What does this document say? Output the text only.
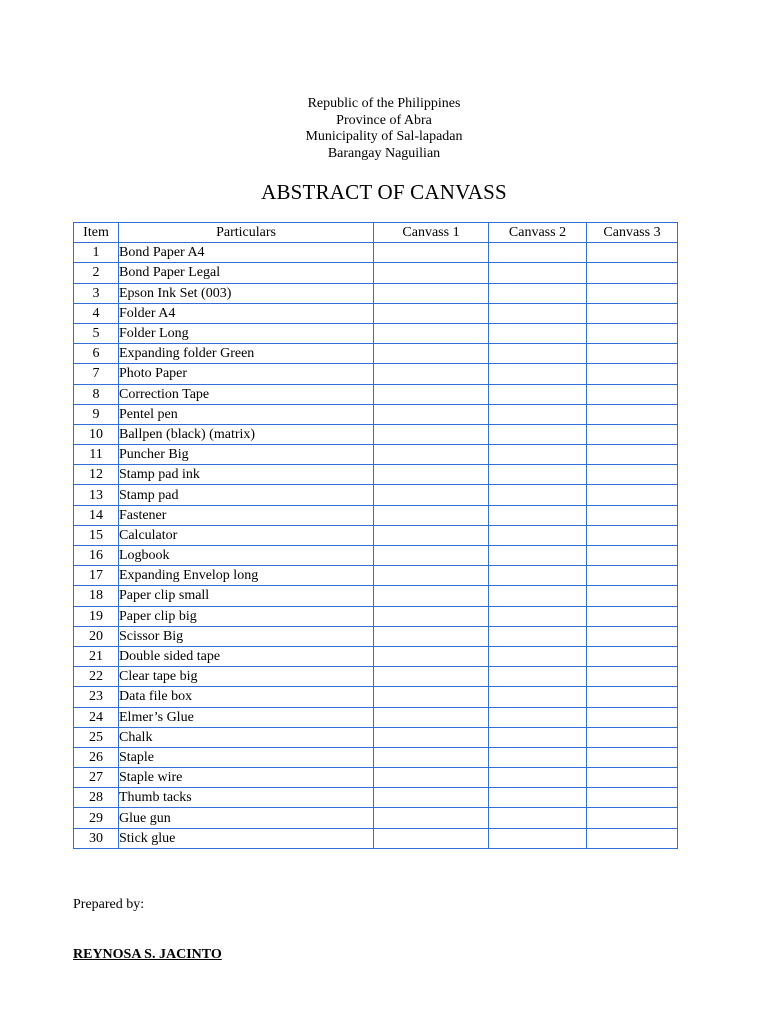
Republic of the Philippines
Province of Abra
Municipality of Sal-lapadan
Barangay Naguilian
ABSTRACT OF CANVASS
Item	Particulars	Canvass 1	Canvass 2	Canvass 3
1	Bond Paper A4			
2	Bond Paper Legal			
3	Epson Ink Set (003)			
4	Folder A4			
5	Folder Long			
6	Expanding folder Green			
7	Photo Paper			
8	Correction Tape			
9	Pentel pen			
10	Ballpen (black) (matrix)			
11	Puncher Big			
12	Stamp pad ink			
13	Stamp pad			
14	Fastener			
15	Calculator			
16	Logbook			
17	Expanding Envelop long			
18	Paper clip small			
19	Paper clip big			
20	Scissor Big			
21	Double sided tape			
22	Clear tape big			
23	Data file box			
24	Elmer’s Glue			
25	Chalk			
26	Staple			
27	Staple wire			
28	Thumb tacks			
29	Glue gun			
30	Stick glue			
Prepared by:
REYNOSA S. JACINTO
